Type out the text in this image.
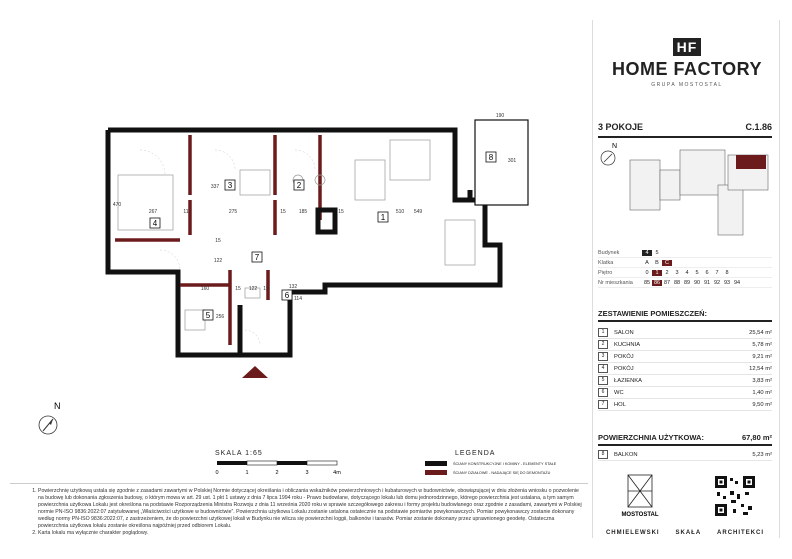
1
2
3
4
5
6
7
8
190
301
337
470
267	11	275	15	185	15	510 549
122
15
160	15 122 15	132
114
256
N
SKALA 1:65
0	1	2	3	4m
LEGENDA
ŚCIANY KONSTRUKCYJNE I KOMINY - ELEMENTY STAŁE
ŚCIANY DZIAŁOWE - NADAJĄCE SIĘ DO DEMONTAŻU
1. Powierzchnię użytkową ustala się zgodnie z zasadami zawartymi w Polskiej Normie dotyczącej określania i obliczania wskaźników powierzchniowych i kubaturowych w budownictwie, obowiązującej w dniu złożenia wniosku o pozwolenie na budowę lub dokonania zgłoszenia budowy, o którym mowa w art. 29 ust. 1 pkt 1 ustawy z dnia 7 lipca 1994 roku - Prawo budowlane, dotyczącego lokalu lub domu jednorodzinnego, którego powierzchnia jest ustalana, a tym samym powierzchnia użytkowa Lokalu jest określona na podstawie Rozporządzenia Ministra Rozwoju z dnia 11 września 2020 roku w sprawie szczegółowego zakresu i formy projektu budowlanego oraz zgodnie z zasadami, zawartymi w Polskiej normie PN-ISO 9836:2022:07 zatytułowanej „Właściwości użytkowe w budownictwie”. Powierzchnia użytkowa Lokalu zostanie ustalona ostatecznie na podstawie pomiarów powykonawczych. Pomiar powykonawczy zostanie dokonany według normy PN-ISO 9836:2022:07, z zastrzeżeniem, że do powierzchni użytkowej lokali w Budynku nie wlicza się powierzchni loggii, balkonów i tarasów. Pomiar zostanie dokonany przez uprawnionego geodetę. Ostateczna powierzchnia użytkowa lokalu zostanie określona najpóźniej przed odbiorem Lokalu.
2. Karta lokalu ma wyłącznie charakter poglądowy.
HF
HOME FACTORY
GRUPA MOSTOSTAL
3 POKOJE	C.1.86
N
Budynek	4	5
Klatka	A	B	C
Piętro	0	1	2	3	4	5	6	7	8
Nr mieszkania	85 86 87 88 89 90 91 92 93 94
ZESTAWIENIE POMIESZCZEŃ:
1	SALON	25,54 m²
2	KUCHNIA	5,78 m²
3	POKÓJ	9,21 m²
4	POKÓJ	12,54 m²
5	ŁAZIENKA	3,83 m²
6	WC	1,40 m²
7	HOL	9,50 m²
POWIERZCHNIA UŻYTKOWA:	67,80 m²
8	BALKON	5,23 m²
MOSTOSTAL
CHMIELEWSKI	SKAŁA	ARCHITEKCI
